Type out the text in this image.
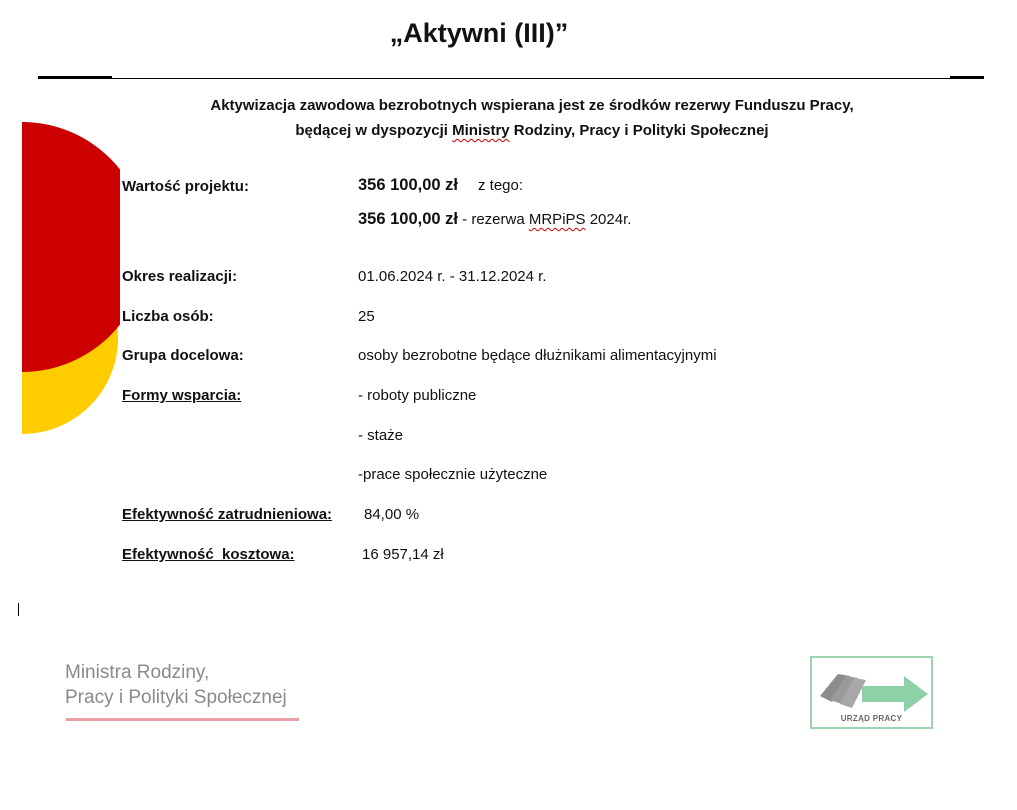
„Aktywni (III)”
Aktywizacja zawodowa bezrobotnych wspierana jest ze środków rezerwy Funduszu Pracy,
będącej w dyspozycji Ministry Rodziny, Pracy i Polityki Społecznej
Wartość projektu:	356 100,00 zł z tego:
356 100,00 zł - rezerwa MRPiPS 2024r.
Okres realizacji:	01.06.2024 r. - 31.12.2024 r.
Liczba osób:	25
Grupa docelowa:	osoby bezrobotne będące dłużnikami alimentacyjnymi
Formy wsparcia:	- roboty publiczne
- staże
-prace społecznie użyteczne
Efektywność zatrudnieniowa: 84,00 %
Efektywność  kosztowa:	16 957,14 zł
Ministra Rodziny,
Pracy i Polityki Społecznej
URZĄD PRACY
